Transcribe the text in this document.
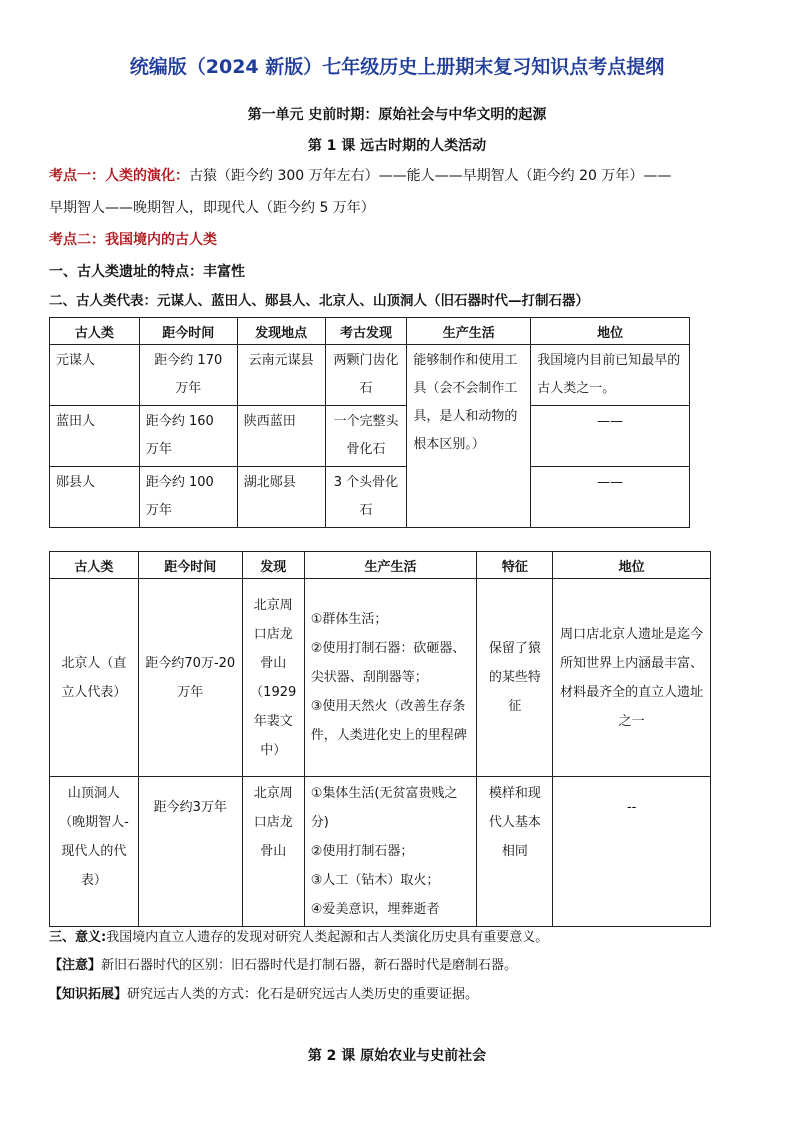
统编版（2024 新版）七年级历史上册期末复习知识点考点提纲
第一单元 史前时期：原始社会与中华文明的起源
第 1 课 远古时期的人类活动
考点一：人类的演化：古猿（距今约 300 万年左右）——能人——早期智人（距今约 20 万年）——
早期智人——晚期智人，即现代人（距今约 5 万年）
考点二：我国境内的古人类
一、古人类遗址的特点：丰富性
二、古人类代表：元谋人、蓝田人、郧县人、北京人、山顶洞人（旧石器时代—打制石器）
古人类	距今时间	发现地点	考古发现	生产生活	地位

元谋人	距今约 170 万年	云南元谋县	两颗门齿化石	能够制作和使用工具（会不会制作工具，是人和动物的根本区别。）	我国境内目前已知最早的古人类之一。

蓝田人	距今约 160 万年	陕西蓝田	一个完整头骨化石		——

郧县人	距今约 100 万年	湖北郧县	3 个头骨化石		——
古人类	距今时间	发现	生产生活	特征	地位

北京人（直立人代表）	距今约70万-20万年	北京周口店龙骨山（1929年裴文中）	①群体生活；
②使用打制石器：砍砸器、尖状器、刮削器等；
③使用天然火（改善生存条件，人类进化史上的里程碑	保留了猿的某些特征	周口店北京人遗址是迄今所知世界上内涵最丰富、材料最齐全的直立人遗址之一

山顶洞人（晚期智人-现代人的代表）	距今约3万年	北京周口店龙骨山	①集体生活(无贫富贵贱之分)
②使用打制石器；
③人工（钻木）取火；
④爱美意识，埋葬逝者	模样和现代人基本相同	--
三、意义:我国境内直立人遗存的发现对研究人类起源和古人类演化历史具有重要意义。
【注意】新旧石器时代的区别：旧石器时代是打制石器，新石器时代是磨制石器。
【知识拓展】研究远古人类的方式：化石是研究远古人类历史的重要证据。
第 2 课 原始农业与史前社会
